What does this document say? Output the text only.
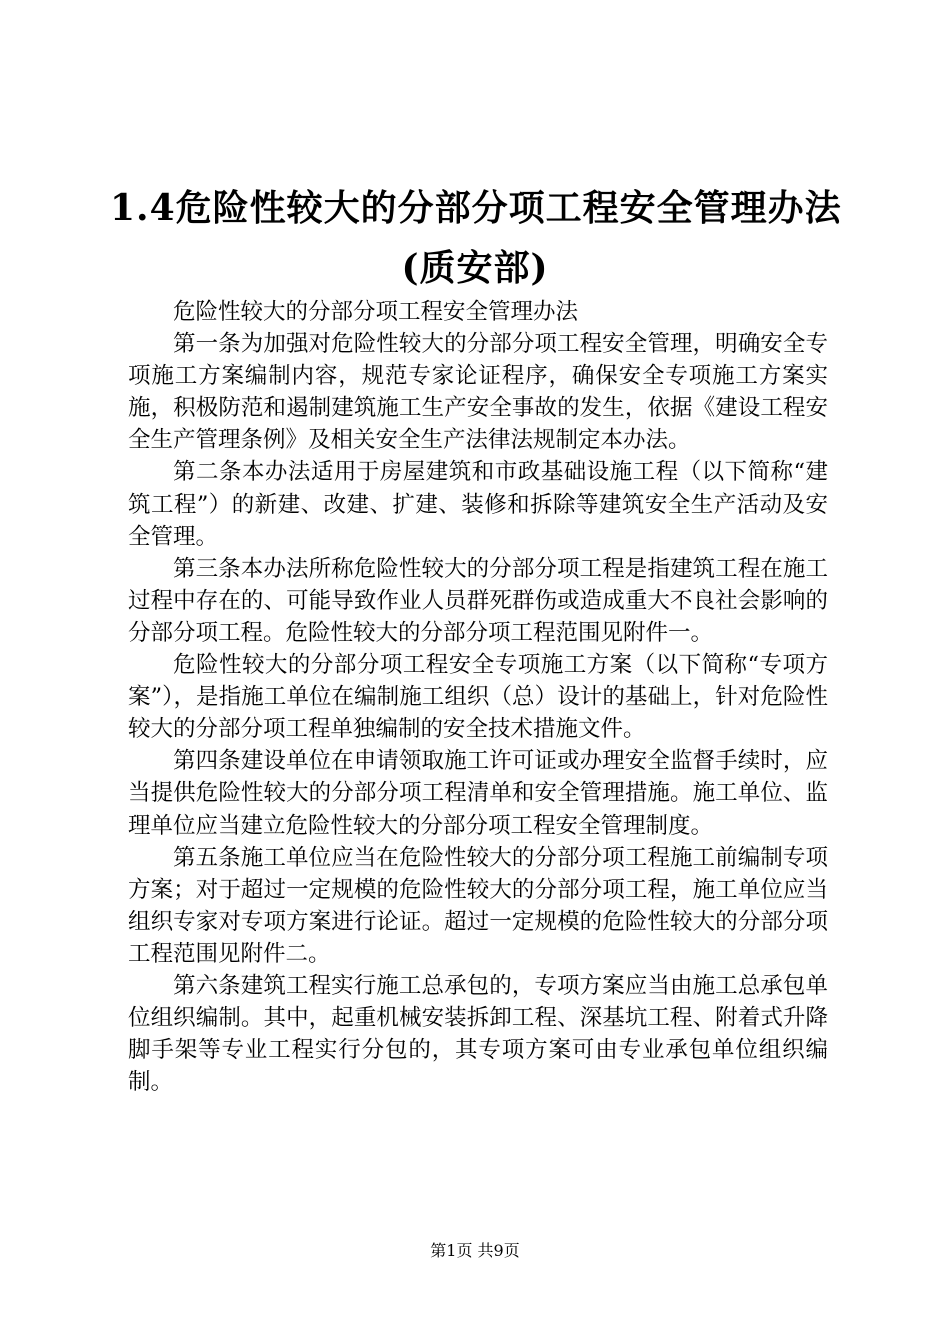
1.4危险性较大的分部分项工程安全管理办法
(质安部)

危险性较大的分部分项工程安全管理办法

第一条为加强对危险性较大的分部分项工程安全管理，明确安全专项施工方案编制内容，规范专家论证程序，确保安全专项施工方案实施，积极防范和遏制建筑施工生产安全事故的发生，依据《建设工程安全生产管理条例》及相关安全生产法律法规制定本办法。

第二条本办法适用于房屋建筑和市政基础设施工程（以下简称“建筑工程”）的新建、改建、扩建、装修和拆除等建筑安全生产活动及安全管理。

第三条本办法所称危险性较大的分部分项工程是指建筑工程在施工过程中存在的、可能导致作业人员群死群伤或造成重大不良社会影响的分部分项工程。危险性较大的分部分项工程范围见附件一。

危险性较大的分部分项工程安全专项施工方案（以下简称“专项方案”），是指施工单位在编制施工组织（总）设计的基础上，针对危险性较大的分部分项工程单独编制的安全技术措施文件。

第四条建设单位在申请领取施工许可证或办理安全监督手续时，应当提供危险性较大的分部分项工程清单和安全管理措施。施工单位、监理单位应当建立危险性较大的分部分项工程安全管理制度。

第五条施工单位应当在危险性较大的分部分项工程施工前编制专项方案；对于超过一定规模的危险性较大的分部分项工程，施工单位应当组织专家对专项方案进行论证。超过一定规模的危险性较大的分部分项工程范围见附件二。

第六条建筑工程实行施工总承包的，专项方案应当由施工总承包单位组织编制。其中，起重机械安装拆卸工程、深基坑工程、附着式升降脚手架等专业工程实行分包的，其专项方案可由专业承包单位组织编制。

第1页 共9页
